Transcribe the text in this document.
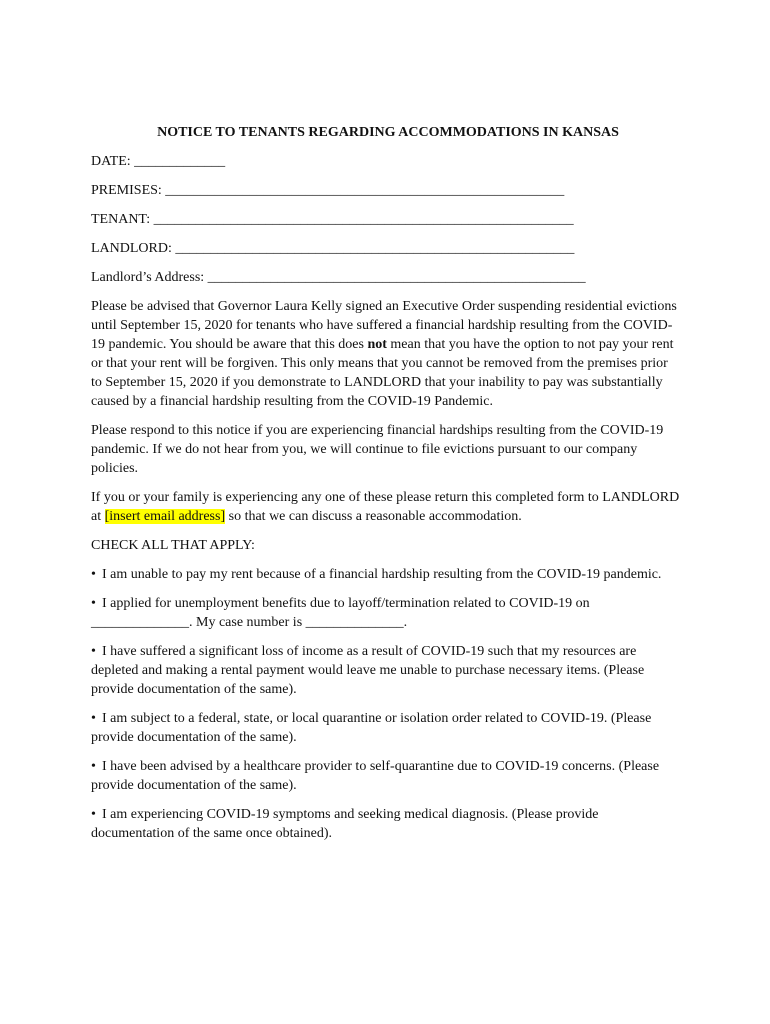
NOTICE TO TENANTS REGARDING ACCOMMODATIONS IN KANSAS
DATE: _____________
PREMISES: _________________________________________________________
TENANT: ____________________________________________________________
LANDLORD: _________________________________________________________
Landlord’s Address: ______________________________________________________

Please be advised that Governor Laura Kelly signed an Executive Order suspending residential evictions until September 15, 2020 for tenants who have suffered a financial hardship resulting from the COVID-19 pandemic. You should be aware that this does not mean that you have the option to not pay your rent or that your rent will be forgiven. This only means that you cannot be removed from the premises prior to September 15, 2020 if you demonstrate to LANDLORD that your inability to pay was substantially caused by a financial hardship resulting from the COVID-19 Pandemic.

Please respond to this notice if you are experiencing financial hardships resulting from the COVID-19 pandemic. If we do not hear from you, we will continue to file evictions pursuant to our company policies.

If you or your family is experiencing any one of these please return this completed form to LANDLORD at [insert email address] so that we can discuss a reasonable accommodation.

CHECK ALL THAT APPLY:
• I am unable to pay my rent because of a financial hardship resulting from the COVID-19 pandemic.
• I applied for unemployment benefits due to layoff/termination related to COVID-19 on ______________. My case number is ______________.
• I have suffered a significant loss of income as a result of COVID-19 such that my resources are depleted and making a rental payment would leave me unable to purchase necessary items. (Please provide documentation of the same).
• I am subject to a federal, state, or local quarantine or isolation order related to COVID-19. (Please provide documentation of the same).
• I have been advised by a healthcare provider to self-quarantine due to COVID-19 concerns. (Please provide documentation of the same).
• I am experiencing COVID-19 symptoms and seeking medical diagnosis. (Please provide documentation of the same once obtained).
